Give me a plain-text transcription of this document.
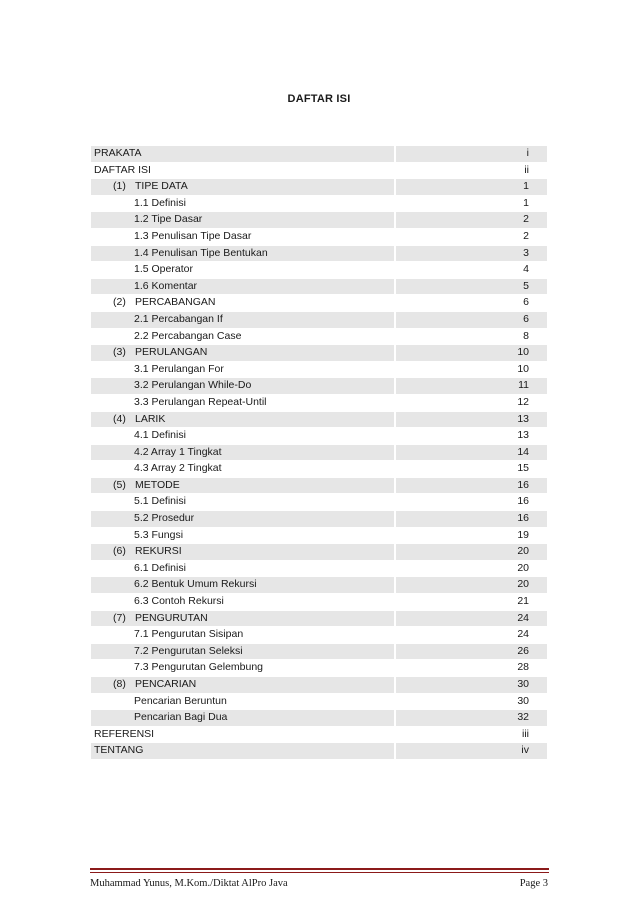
DAFTAR ISI
PRAKATA	i
DAFTAR ISI	ii
(1) TIPE DATA	1
1.1 Definisi	1
1.2 Tipe Dasar	2
1.3 Penulisan Tipe Dasar	2
1.4 Penulisan Tipe Bentukan	3
1.5 Operator	4
1.6 Komentar	5
(2) PERCABANGAN	6
2.1 Percabangan If	6
2.2 Percabangan Case	8
(3) PERULANGAN	10
3.1 Perulangan For	10
3.2 Perulangan While-Do	11
3.3 Perulangan Repeat-Until	12
(4) LARIK	13
4.1 Definisi	13
4.2 Array 1 Tingkat	14
4.3 Array 2 Tingkat	15
(5) METODE	16
5.1 Definisi	16
5.2 Prosedur	16
5.3 Fungsi	19
(6) REKURSI	20
6.1 Definisi	20
6.2 Bentuk Umum Rekursi	20
6.3 Contoh Rekursi	21
(7) PENGURUTAN	24
7.1 Pengurutan Sisipan	24
7.2 Pengurutan Seleksi	26
7.3 Pengurutan Gelembung	28
(8) PENCARIAN	30
Pencarian Beruntun	30
Pencarian Bagi Dua	32
REFERENSI	iii
TENTANG	iv
Muhammad Yunus, M.Kom./Diktat AlPro Java	Page 3
